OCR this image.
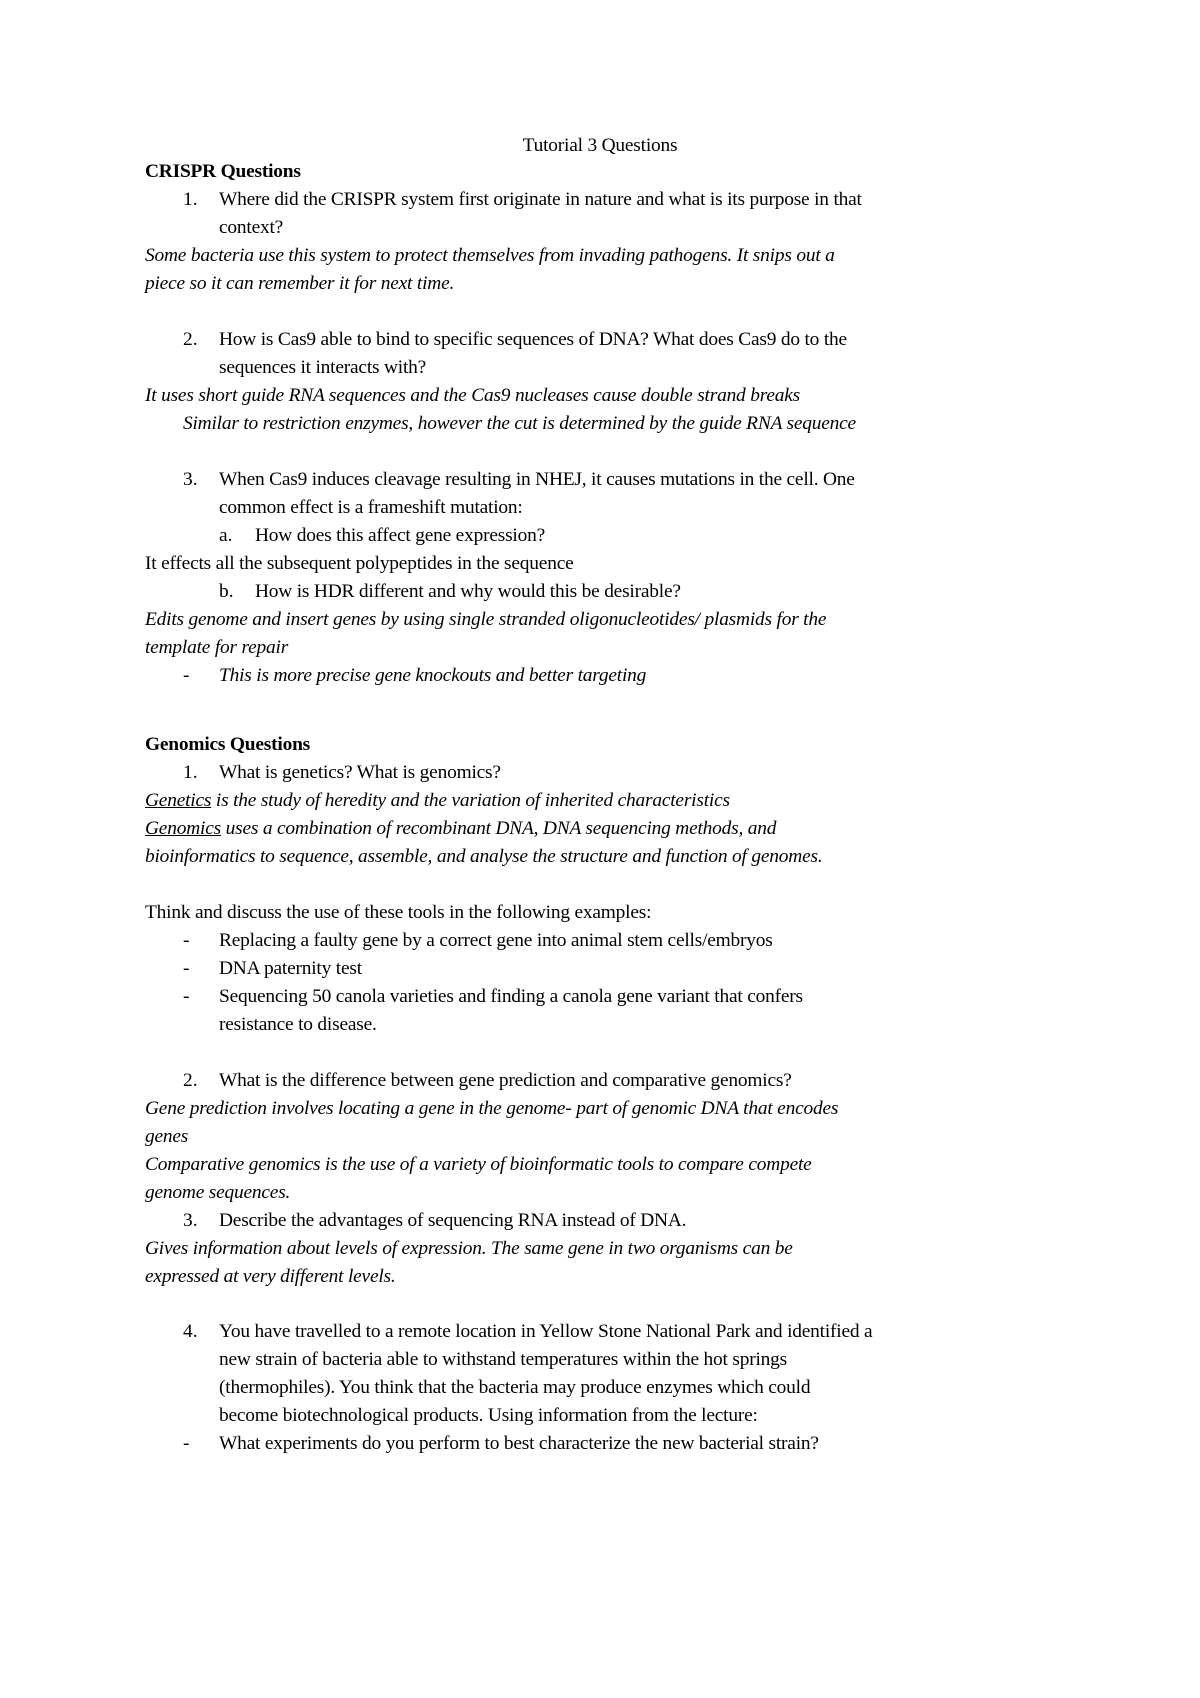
Tutorial 3 Questions
CRISPR Questions
1. Where did the CRISPR system first originate in nature and what is its purpose in that
context?
Some bacteria use this system to protect themselves from invading pathogens. It snips out a
piece so it can remember it for next time.
2. How is Cas9 able to bind to specific sequences of DNA? What does Cas9 do to the
sequences it interacts with?
It uses short guide RNA sequences and the Cas9 nucleases cause double strand breaks
Similar to restriction enzymes, however the cut is determined by the guide RNA sequence
3. When Cas9 induces cleavage resulting in NHEJ, it causes mutations in the cell. One
common effect is a frameshift mutation:
a. How does this affect gene expression?
It effects all the subsequent polypeptides in the sequence
b. How is HDR different and why would this be desirable?
Edits genome and insert genes by using single stranded oligonucleotides/ plasmids for the
template for repair
- This is more precise gene knockouts and better targeting
Genomics Questions
1. What is genetics? What is genomics?
Genetics is the study of heredity and the variation of inherited characteristics
Genomics uses a combination of recombinant DNA, DNA sequencing methods, and
bioinformatics to sequence, assemble, and analyse the structure and function of genomes.
Think and discuss the use of these tools in the following examples:
- Replacing a faulty gene by a correct gene into animal stem cells/embryos
- DNA paternity test
- Sequencing 50 canola varieties and finding a canola gene variant that confers
resistance to disease.
2. What is the difference between gene prediction and comparative genomics?
Gene prediction involves locating a gene in the genome- part of genomic DNA that encodes
genes
Comparative genomics is the use of a variety of bioinformatic tools to compare compete
genome sequences.
3. Describe the advantages of sequencing RNA instead of DNA.
Gives information about levels of expression. The same gene in two organisms can be
expressed at very different levels.
4. You have travelled to a remote location in Yellow Stone National Park and identified a
new strain of bacteria able to withstand temperatures within the hot springs
(thermophiles). You think that the bacteria may produce enzymes which could
become biotechnological products. Using information from the lecture:
- What experiments do you perform to best characterize the new bacterial strain?
